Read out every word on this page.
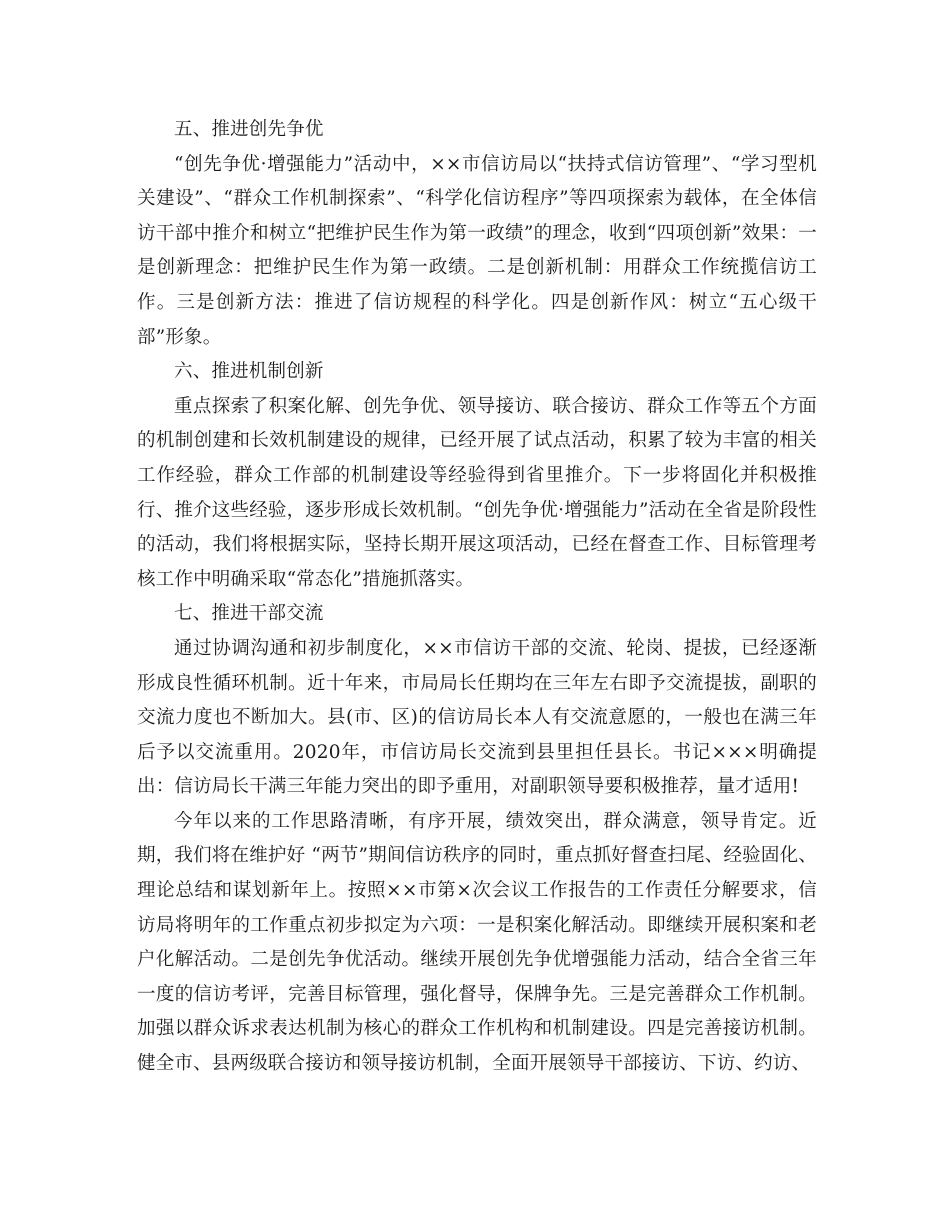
五、推进创先争优

“创先争优·增强能力”活动中，××市信访局以“扶持式信访管理”、“学习型机关建设”、“群众工作机制探索”、“科学化信访程序”等四项探索为载体，在全体信访干部中推介和树立“把维护民生作为第一政绩”的理念，收到“四项创新”效果：一是创新理念：把维护民生作为第一政绩。二是创新机制：用群众工作统揽信访工作。三是创新方法：推进了信访规程的科学化。四是创新作风：树立“五心级干部”形象。

六、推进机制创新

重点探索了积案化解、创先争优、领导接访、联合接访、群众工作等五个方面的机制创建和长效机制建设的规律，已经开展了试点活动，积累了较为丰富的相关工作经验，群众工作部的机制建设等经验得到省里推介。下一步将固化并积极推行、推介这些经验，逐步形成长效机制。“创先争优·增强能力”活动在全省是阶段性的活动，我们将根据实际，坚持长期开展这项活动，已经在督查工作、目标管理考核工作中明确采取“常态化”措施抓落实。

七、推进干部交流

通过协调沟通和初步制度化，××市信访干部的交流、轮岗、提拔，已经逐渐形成良性循环机制。近十年来，市局局长任期均在三年左右即予交流提拔，副职的交流力度也不断加大。县(市、区)的信访局长本人有交流意愿的，一般也在满三年后予以交流重用。2020年，市信访局长交流到县里担任县长。书记×××明确提出：信访局长干满三年能力突出的即予重用，对副职领导要积极推荐，量才适用!

今年以来的工作思路清晰，有序开展，绩效突出，群众满意，领导肯定。近期，我们将在维护好 “两节”期间信访秩序的同时，重点抓好督查扫尾、经验固化、理论总结和谋划新年上。按照××市第×次会议工作报告的工作责任分解要求，信访局将明年的工作重点初步拟定为六项：一是积案化解活动。即继续开展积案和老户化解活动。二是创先争优活动。继续开展创先争优增强能力活动，结合全省三年一度的信访考评，完善目标管理，强化督导，保牌争先。三是完善群众工作机制。加强以群众诉求表达机制为核心的群众工作机构和机制建设。四是完善接访机制。健全市、县两级联合接访和领导接访机制，全面开展领导干部接访、下访、约访、
